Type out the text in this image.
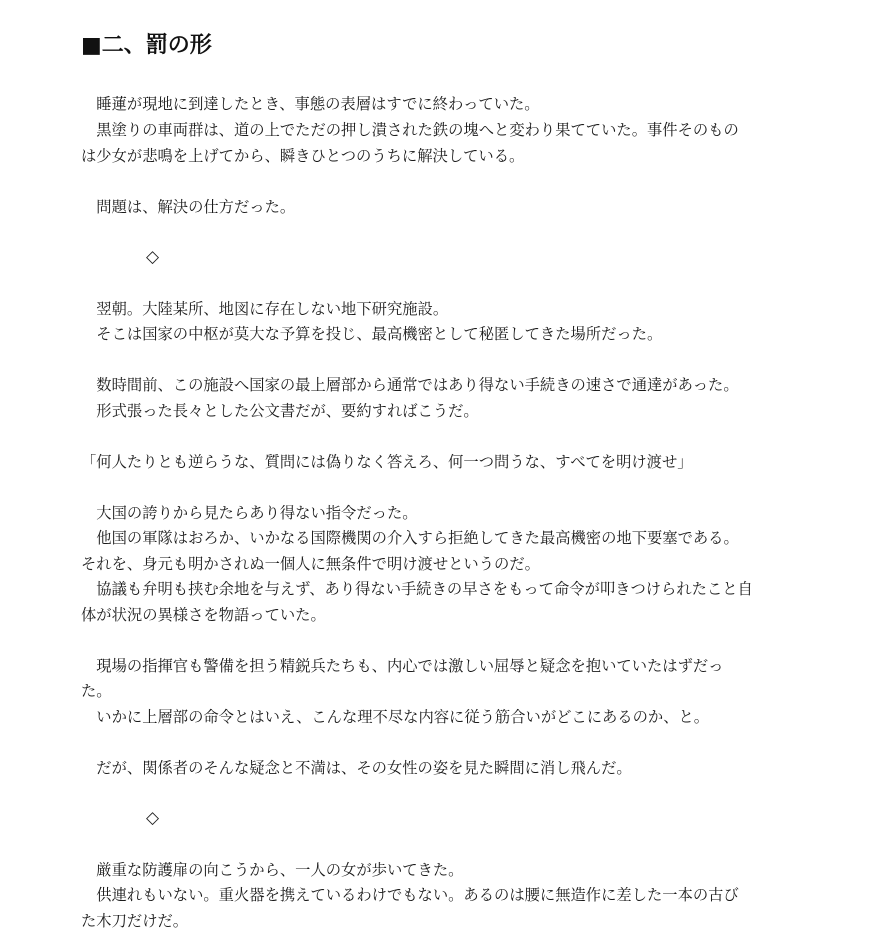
■二、罰の形
　睡蓮が現地に到達したとき、事態の表層はすでに終わっていた。
　黒塗りの車両群は、道の上でただの押し潰された鉄の塊へと変わり果てていた。事件そのもの
は少女が悲鳴を上げてから、瞬きひとつのうちに解決している。
　問題は、解決の仕方だった。
◇
　翌朝。大陸某所、地図に存在しない地下研究施設。
　そこは国家の中枢が莫大な予算を投じ、最高機密として秘匿してきた場所だった。
　数時間前、この施設へ国家の最上層部から通常ではあり得ない手続きの速さで通達があった。
　形式張った長々とした公文書だが、要約すればこうだ。
「何人たりとも逆らうな、質問には偽りなく答えろ、何一つ問うな、すべてを明け渡せ」
　大国の誇りから見たらあり得ない指令だった。
　他国の軍隊はおろか、いかなる国際機関の介入すら拒絶してきた最高機密の地下要塞である。
それを、身元も明かされぬ一個人に無条件で明け渡せというのだ。
　協議も弁明も挟む余地を与えず、あり得ない手続きの早さをもって命令が叩きつけられたこと自
体が状況の異様さを物語っていた。
　現場の指揮官も警備を担う精鋭兵たちも、内心では激しい屈辱と疑念を抱いていたはずだっ
た。
　いかに上層部の命令とはいえ、こんな理不尽な内容に従う筋合いがどこにあるのか、と。
　だが、関係者のそんな疑念と不満は、その女性の姿を見た瞬間に消し飛んだ。
◇
　厳重な防護扉の向こうから、一人の女が歩いてきた。
　供連れもいない。重火器を携えているわけでもない。あるのは腰に無造作に差した一本の古び
た木刀だけだ。
